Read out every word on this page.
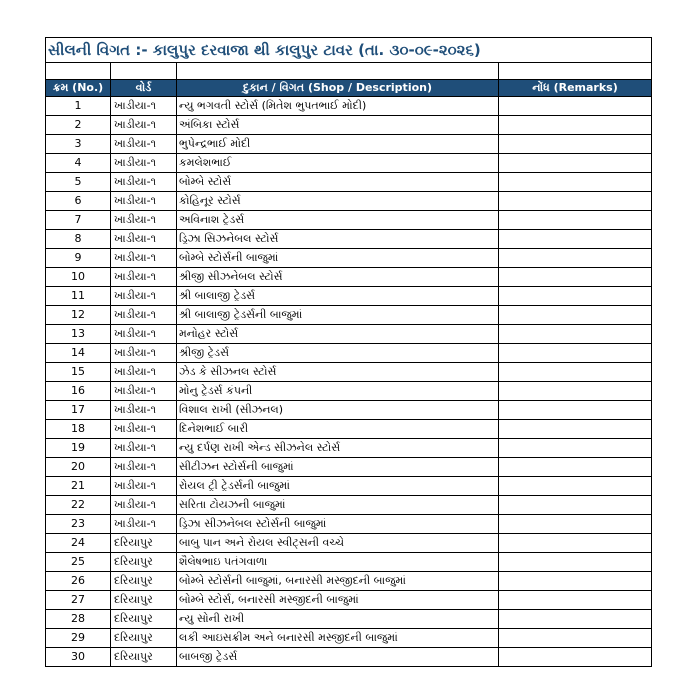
સીલની વિગત :- કાલુપુર દરવાજા થી કાલુપુર ટાવર (તા. ૩૦-૦૯-૨૦૨૬)			

ક્રમ (No.)	વોર્ડ	દુકાન / વિગત (Shop / Description)	નોંધ (Remarks)
1	ખાડીયા-૧	ન્યુ ભગવતી સ્ટોર્સ (મિતેશ ભુપતભાઈ મોદી)	
2	ખાડીયા-૧	અંબિકા સ્ટોર્સ	
3	ખાડીયા-૧	ભુપેન્દ્રભાઈ મોદી	
4	ખાડીયા-૧	કમલેશભાઈ	
5	ખાડીયા-૧	બોમ્બે સ્ટોર્સ	
6	ખાડીયા-૧	કોહિનૂર સ્ટોર્સ	
7	ખાડીયા-૧	અવિનાશ ટ્રેડર્સ	
8	ખાડીયા-૧	ડ્રિઝા સિઝનેબલ સ્ટોર્સ	
9	ખાડીયા-૧	બોમ્બે સ્ટોર્સની બાજુમાં	
10	ખાડીયા-૧	શ્રીજી સીઝનેબલ સ્ટોર્સ	
11	ખાડીયા-૧	શ્રી બાલાજી ટ્રેડર્સ	
12	ખાડીયા-૧	શ્રી બાલાજી ટ્રેડર્સની બાજુમાં	
13	ખાડીયા-૧	મનોહર સ્ટોર્સ	
14	ખાડીયા-૧	શ્રીજી ટ્રેડર્સ	
15	ખાડીયા-૧	ઝેડ કે સીઝનલ સ્ટોર્સ	
16	ખાડીયા-૧	મોનુ ટ્રેડર્સ કંપની	
17	ખાડીયા-૧	વિશાલ રાખી (સીઝનલ)	
18	ખાડીયા-૧	દિનેશભાઈ બારી	
19	ખાડીયા-૧	ન્યુ દર્પણ રાખી એન્ડ સીઝનેલ સ્ટોર્સ	
20	ખાડીયા-૧	સીટીઝન સ્ટોર્સની બાજુમાં	
21	ખાડીયા-૧	રોયલ ટ્રી ટ્રેડર્સની બાજુમાં	
22	ખાડીયા-૧	સરિતા ટોયઝની બાજુમાં	
23	ખાડીયા-૧	ડ્રિઝા સીઝનેબલ સ્ટોર્સની બાજુમાં	
24	દરિયાપુર	બાબુ પાન અને રોયલ સ્વીટ્સની વચ્ચે	
25	દરિયાપુર	શૈલેષભાઇ પતંગવાળા	
26	દરિયાપુર	બોમ્બે સ્ટોર્સની બાજુમાં, બનારસી મસ્જીદની બાજુમાં	
27	દરિયાપુર	બોમ્બે સ્ટોર્સ, બનારસી મસ્જીદની બાજુમાં	
28	દરિયાપુર	ન્યુ સોની રાખી	
29	દરિયાપુર	લકી આઇસક્રીમ અને બનારસી મસ્જીદની બાજુમાં	
30	દરિયાપુર	બાબજી ટ્રેડર્સ	
